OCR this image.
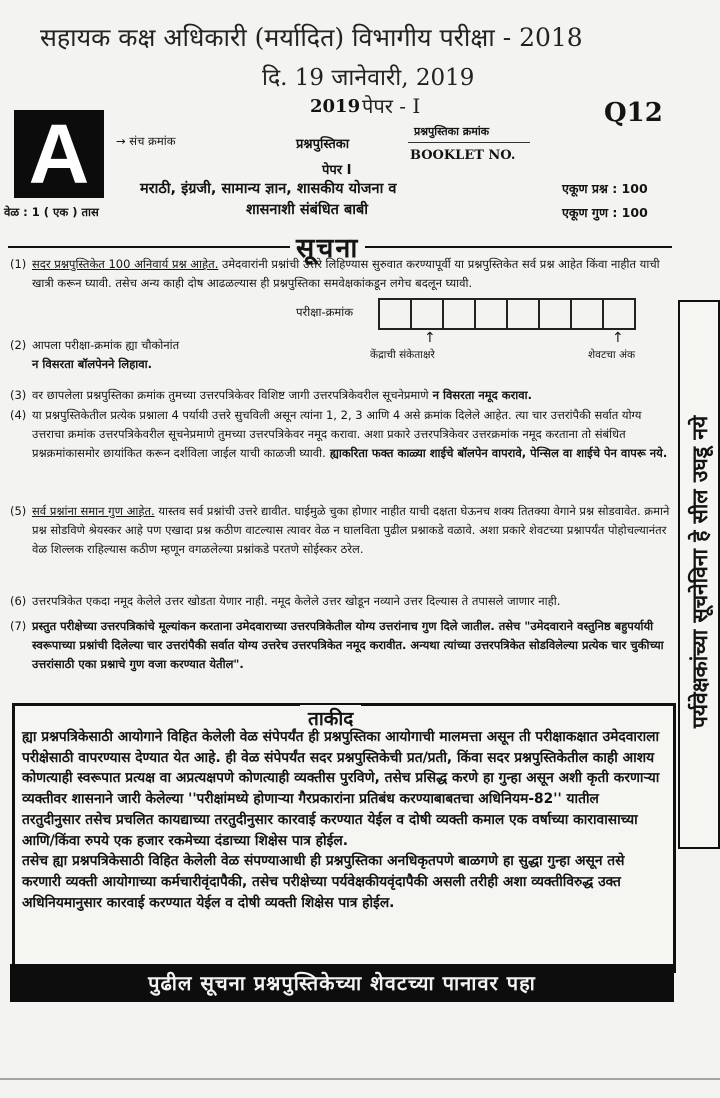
सहायक कक्ष अधिकारी (मर्यादित) विभागीय परीक्षा - 2018
दि. 19 जानेवारी, 2019
2019 पेपर - I	Q12
A	→ संच क्रमांक	प्रश्नपुस्तिका
प्रश्नपुस्तिका क्रमांक
BOOKLET NO.
पेपर I
मराठी, इंग्रजी, सामान्य ज्ञान, शासकीय योजना व
शासनाशी संबंधित बाबी
एकूण प्रश्न : 100
एकूण गुण : 100
वेळ : 1 ( एक ) तास
सूचना
(1) सदर प्रश्नपुस्तिकेत 100 अनिवार्य प्रश्न आहेत. उमेदवारांनी प्रश्नांची उत्तरे लिहिण्यास सुरुवात करण्यापूर्वी या प्रश्नपुस्तिकेत सर्व प्रश्न आहेत किंवा नाहीत याची खात्री करून घ्यावी. तसेच अन्य काही दोष आढळल्यास ही प्रश्नपुस्तिका समवेक्षकांकडून लगेच बदलून घ्यावी.
परीक्षा-क्रमांक
↑	↑
केंद्राची संकेताक्षरे	शेवटचा अंक
(2) आपला परीक्षा-क्रमांक ह्या चौकोनांत
न विसरता बॉलपेनने लिहावा.
(3) वर छापलेला प्रश्नपुस्तिका क्रमांक तुमच्या उत्तरपत्रिकेवर विशिष्ट जागी उत्तरपत्रिकेवरील सूचनेप्रमाणे न विसरता नमूद करावा.
(4) या प्रश्नपुस्तिकेतील प्रत्येक प्रश्नाला 4 पर्यायी उत्तरे सुचविली असून त्यांना 1, 2, 3 आणि 4 असे क्रमांक दिलेले आहेत. त्या चार उत्तरांपैकी सर्वात योग्य उत्तराचा क्रमांक उत्तरपत्रिकेवरील सूचनेप्रमाणे तुमच्या उत्तरपत्रिकेवर नमूद करावा. अशा प्रकारे उत्तरपत्रिकेवर उत्तरक्रमांक नमूद करताना तो संबंधित प्रश्नक्रमांकासमोर छायांकित करून दर्शविला जाईल याची काळजी घ्यावी. ह्याकरिता फक्त काळ्या शाईचे बॉलपेन वापरावे, पेन्सिल वा शाईचे पेन वापरू नये.
(5) सर्व प्रश्नांना समान गुण आहेत. यास्तव सर्व प्रश्नांची उत्तरे द्यावीत. घाईमुळे चुका होणार नाहीत याची दक्षता घेऊनच शक्य तितक्या वेगाने प्रश्न सोडवावेत. क्रमाने प्रश्न सोडविणे श्रेयस्कर आहे पण एखादा प्रश्न कठीण वाटल्यास त्यावर वेळ न घालविता पुढील प्रश्नाकडे वळावे. अशा प्रकारे शेवटच्या प्रश्नापर्यंत पोहोचल्यानंतर वेळ शिल्लक राहिल्यास कठीण म्हणून वगळलेल्या प्रश्नांकडे परतणे सोईस्कर ठरेल.
(6) उत्तरपत्रिकेत एकदा नमूद केलेले उत्तर खोडता येणार नाही. नमूद केलेले उत्तर खोडून नव्याने उत्तर दिल्यास ते तपासले जाणार नाही.
(7) प्रस्तुत परीक्षेच्या उत्तरपत्रिकांचे मूल्यांकन करताना उमेदवाराच्या उत्तरपत्रिकेतील योग्य उत्तरांनाच गुण दिले जातील. तसेच "उमेदवाराने वस्तुनिष्ठ बहुपर्यायी स्वरूपाच्या प्रश्नांची दिलेल्या चार उत्तरांपैकी सर्वात योग्य उत्तरेच उत्तरपत्रिकेत नमूद करावीत. अन्यथा त्यांच्या उत्तरपत्रिकेत सोडविलेल्या प्रत्येक चार चुकीच्या उत्तरांसाठी एका प्रश्नाचे गुण वजा करण्यात येतील".	पर्यवेक्षकांच्या सूचनेविना हे सील उघडू नये
ताकीद
ह्या प्रश्नपत्रिकेसाठी आयोगाने विहित केलेली वेळ संपेपर्यंत ही प्रश्नपुस्तिका आयोगाची मालमत्ता असून ती परीक्षाकक्षात उमेदवाराला परीक्षेसाठी वापरण्यास देण्यात येत आहे. ही वेळ संपेपर्यंत सदर प्रश्नपुस्तिकेची प्रत/प्रती, किंवा सदर प्रश्नपुस्तिकेतील काही आशय कोणत्याही स्वरूपात प्रत्यक्ष वा अप्रत्यक्षपणे कोणत्याही व्यक्तीस पुरविणे, तसेच प्रसिद्ध करणे हा गुन्हा असून अशी कृती करणाऱ्या व्यक्तीवर शासनाने जारी केलेल्या ''परीक्षांमध्ये होणाऱ्या गैरप्रकारांना प्रतिबंध करण्याबाबतचा अधिनियम-82'' यातील तरतुदीनुसार तसेच प्रचलित कायद्याच्या तरतुदीनुसार कारवाई करण्यात येईल व दोषी व्यक्ती कमाल एक वर्षाच्या कारावासाच्या आणि/किंवा रुपये एक हजार रकमेच्या दंडाच्या शिक्षेस पात्र होईल.
तसेच ह्या प्रश्नपत्रिकेसाठी विहित केलेली वेळ संपण्याआधी ही प्रश्नपुस्तिका अनधिकृतपणे बाळगणे हा सुद्धा गुन्हा असून तसे करणारी व्यक्ती आयोगाच्या कर्मचारीवृंदापैकी, तसेच परीक्षेच्या पर्यवेक्षकीयवृंदापैकी असली तरीही अशा व्यक्तीविरुद्ध उक्त अधिनियमानुसार कारवाई करण्यात येईल व दोषी व्यक्ती शिक्षेस पात्र होईल.
पुढील सूचना प्रश्नपुस्तिकेच्या शेवटच्या पानावर पहा
